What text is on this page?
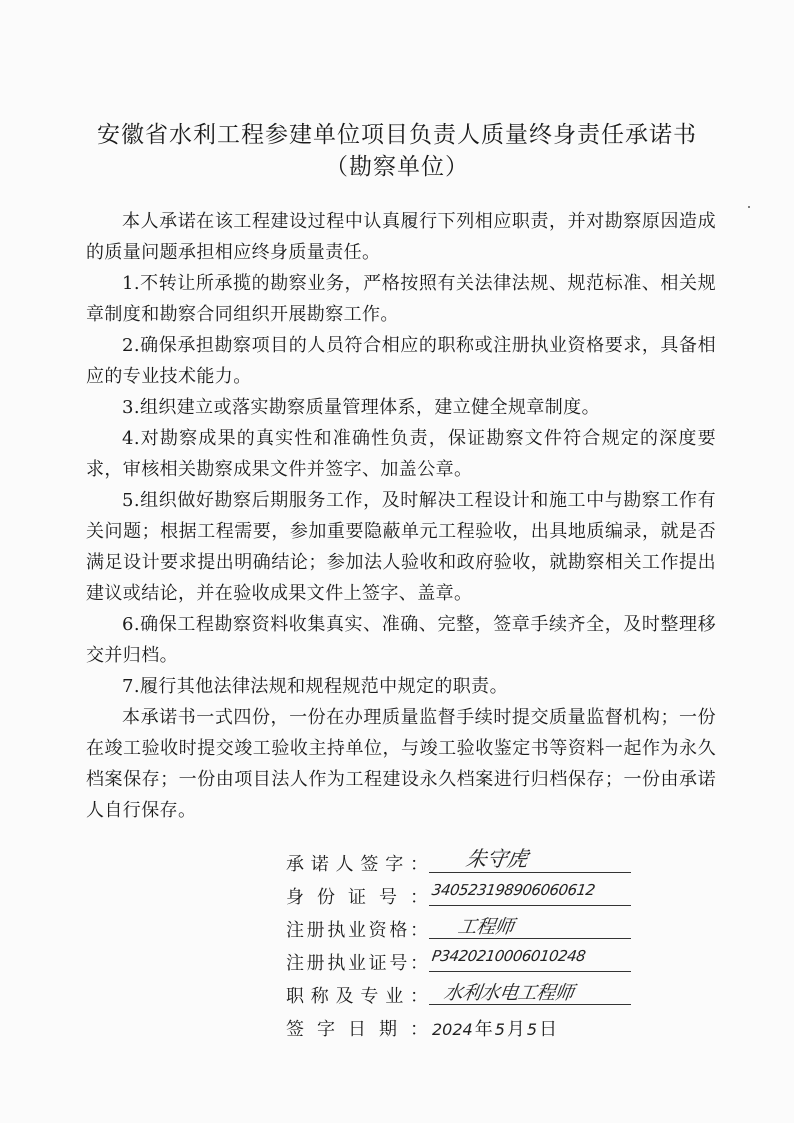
安徽省水利工程参建单位项目负责人质量终身责任承诺书
（勘察单位）

本人承诺在该工程建设过程中认真履行下列相应职责，并对勘察原因造成的质量问题承担相应终身质量责任。

1.不转让所承揽的勘察业务，严格按照有关法律法规、规范标准、相关规章制度和勘察合同组织开展勘察工作。

2.确保承担勘察项目的人员符合相应的职称或注册执业资格要求，具备相应的专业技术能力。

3.组织建立或落实勘察质量管理体系，建立健全规章制度。

4.对勘察成果的真实性和准确性负责，保证勘察文件符合规定的深度要求，审核相关勘察成果文件并签字、加盖公章。

5.组织做好勘察后期服务工作，及时解决工程设计和施工中与勘察工作有关问题；根据工程需要，参加重要隐蔽单元工程验收，出具地质编录，就是否满足设计要求提出明确结论；参加法人验收和政府验收，就勘察相关工作提出建议或结论，并在验收成果文件上签字、盖章。

6.确保工程勘察资料收集真实、准确、完整，签章手续齐全，及时整理移交并归档。

7.履行其他法律法规和规程规范中规定的职责。

本承诺书一式四份，一份在办理质量监督手续时提交质量监督机构；一份在竣工验收时提交竣工验收主持单位，与竣工验收鉴定书等资料一起作为永久档案保存；一份由项目法人作为工程建设永久档案进行归档保存；一份由承诺人自行保存。

承诺人签字： 朱守虎
身份证号： 340523198906060612
注册执业资格： 工程师
注册执业证号： P3420210006010248
职称及专业： 水利水电工程师
签字日期： 2024 年 5 月 5 日
